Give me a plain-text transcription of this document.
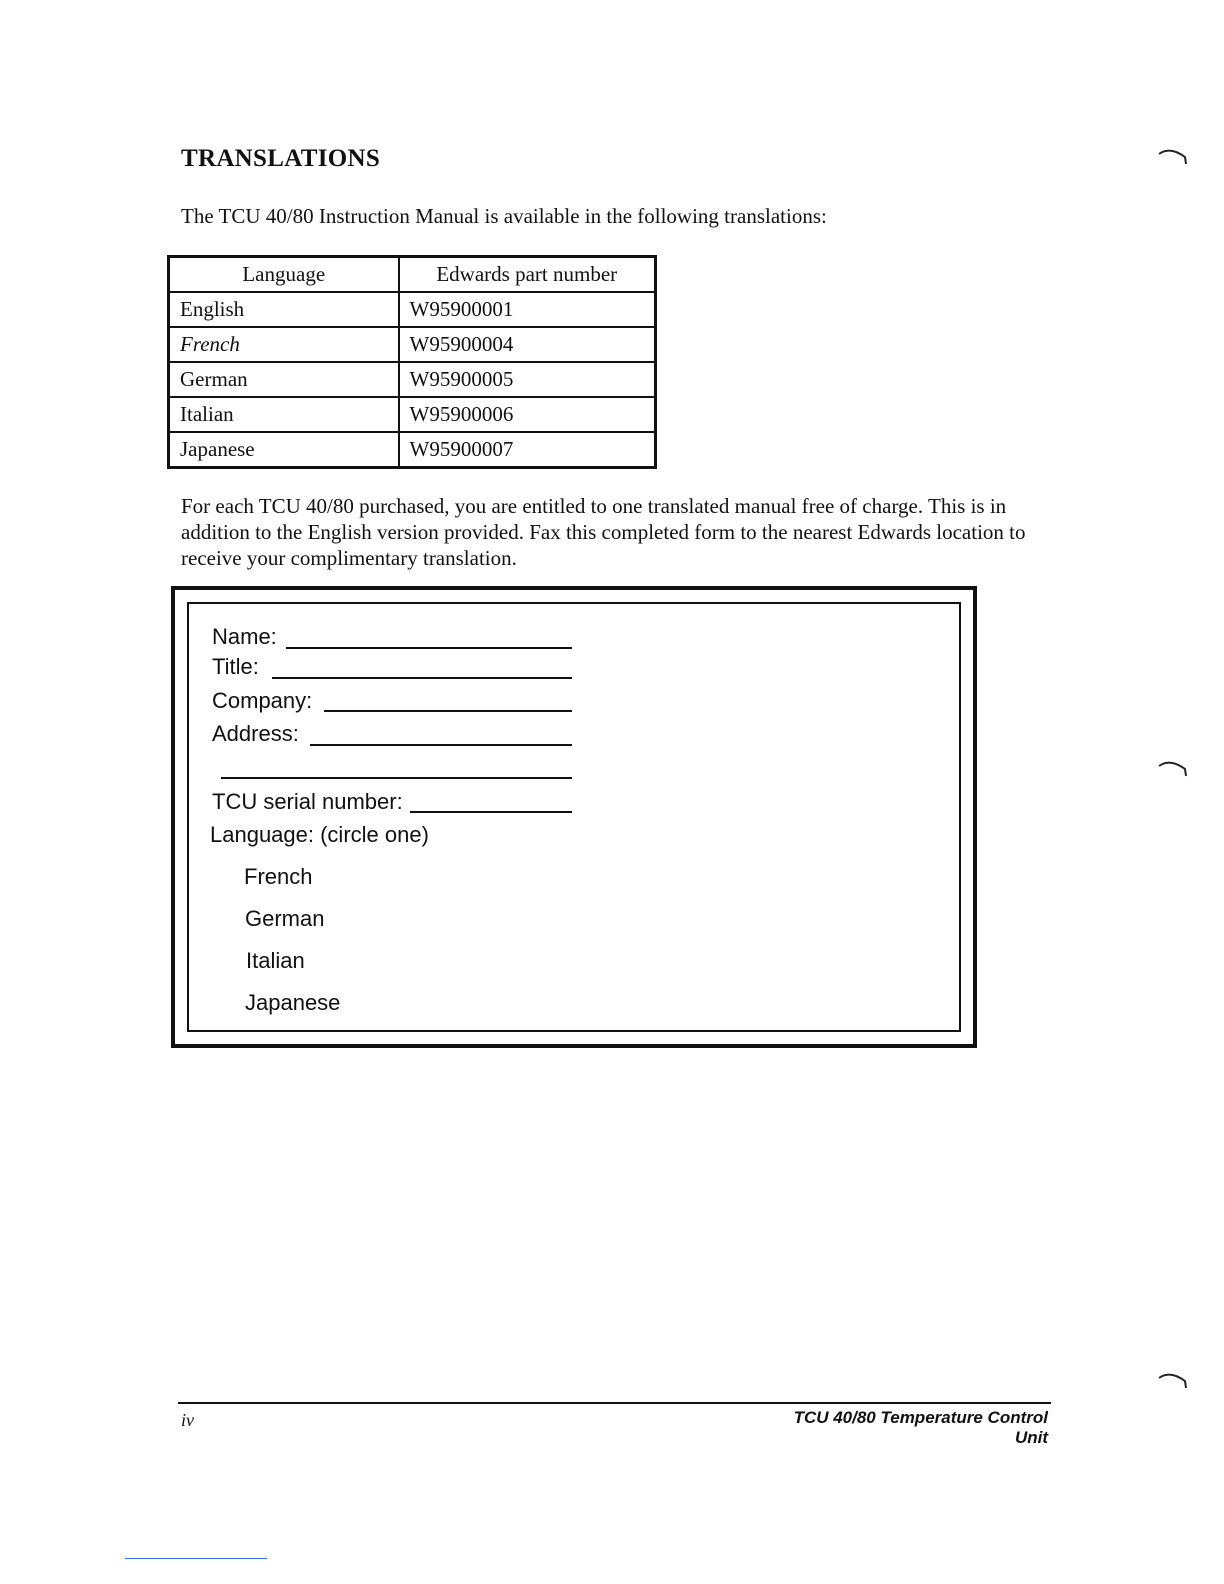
TRANSLATIONS
The TCU 40/80 Instruction Manual is available in the following translations:
Language	Edwards part number
English	W95900001
French	W95900004
German	W95900005
Italian	W95900006
Japanese	W95900007
For each TCU 40/80 purchased, you are entitled to one translated manual free of charge. This is in addition to the English version provided. Fax this completed form to the nearest Edwards location to receive your complimentary translation.
Name:
Title:
Company:
Address:
TCU serial number:
Language: (circle one)
French
German
Italian
Japanese
iv	TCU 40/80 Temperature Control Unit
